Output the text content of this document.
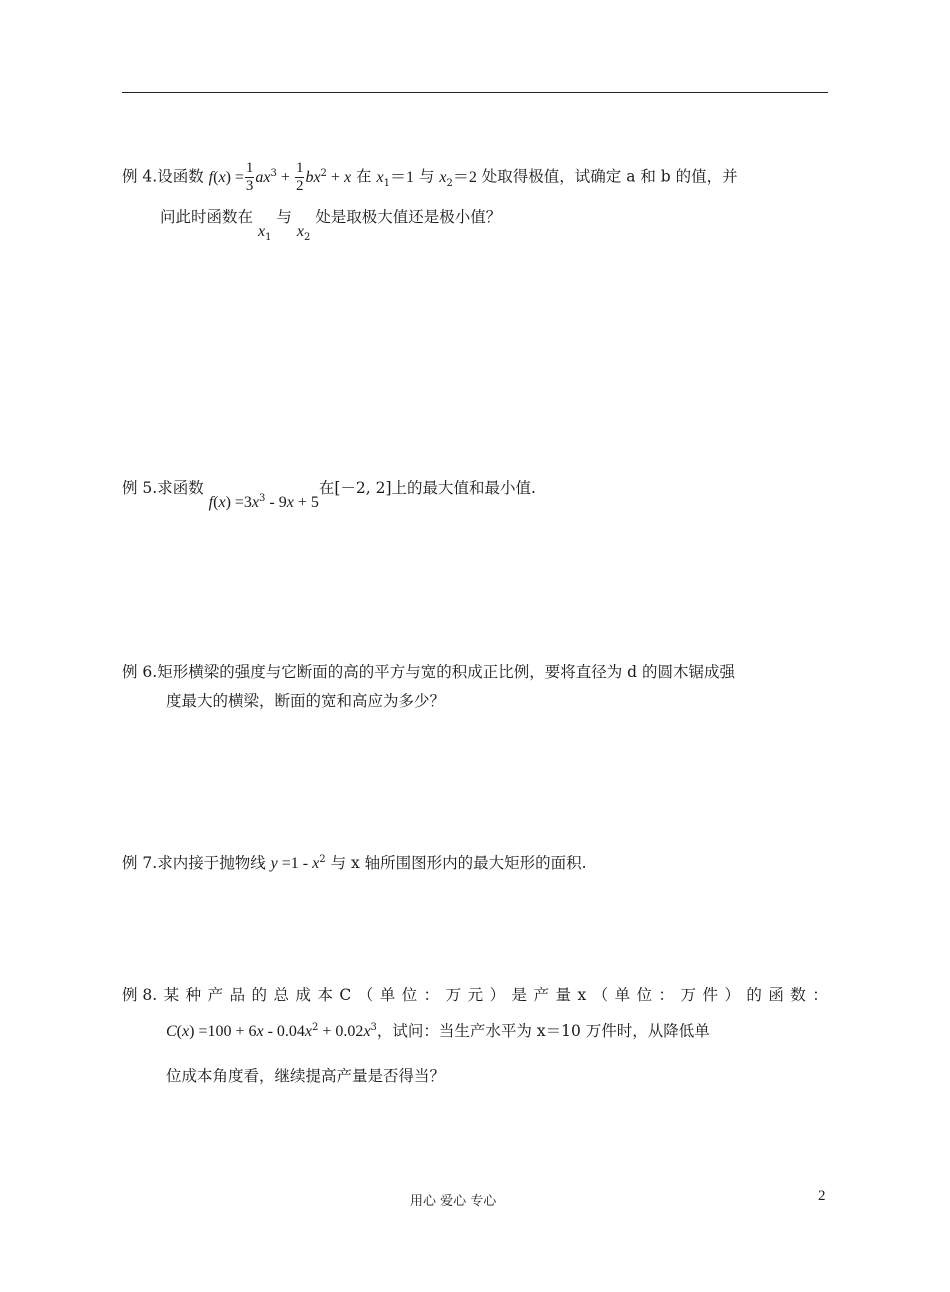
例 4.设函数 $f(x) = \frac{1}{3} ax^3 + \frac{1}{2} bx^2 + x$ 在 $x_1=1$ 与 $x_2=2$ 处取得极值，试确定 a 和 b 的值，并
问此时函数在 $x_1$ 与 $x_2$ 处是取极大值还是极小值？
例 5.求函数 $f(x) =3x^3 - 9x + 5$在[－2, 2]上的最大值和最小值.
例 6.矩形横梁的强度与它断面的高的平方与宽的积成正比例，要将直径为 d 的圆木锯成强
度最大的横梁，断面的宽和高应为多少？
例 7.求内接于抛物线 $y =1 - x^2$ 与 x 轴所围图形内的最大矩形的面积.
例 8. 某 种 产 品 的 总 成 本 C （ 单 位 ： 万 元 ） 是 产 量 x （ 单 位 ： 万 件 ） 的 函 数 ：
$C(x) =100 + 6x - 0.04x^2 + 0.02x^3$，试问：当生产水平为 x＝10 万件时，从降低单
位成本角度看，继续提高产量是否得当？
用心 爱心 专心	2
